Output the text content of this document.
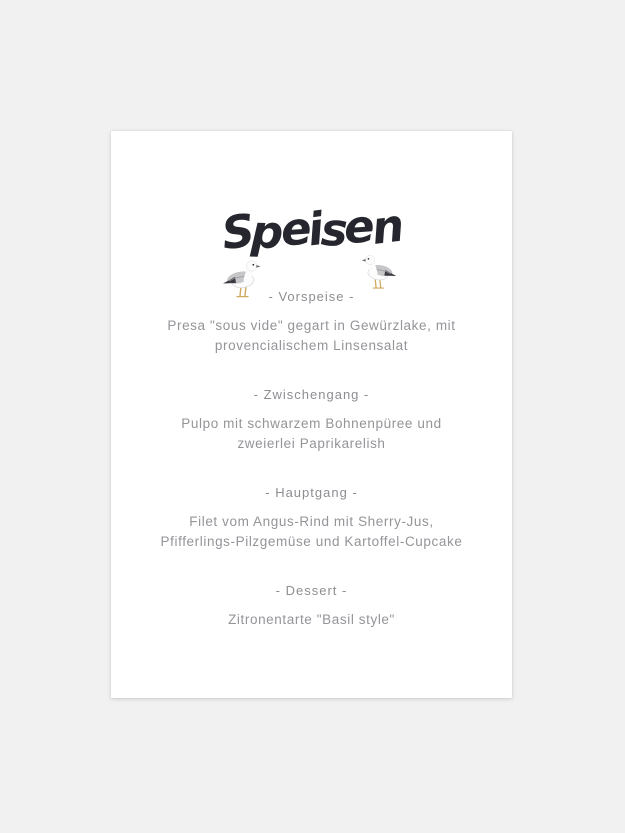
Speisen
- Vorspeise -
Presa "sous vide" gegart in Gewürzlake, mit
provencialischem Linsensalat
- Zwischengang -
Pulpo mit schwarzem Bohnenpüree und
zweierlei Paprikarelish
- Hauptgang -
Filet vom Angus-Rind mit Sherry-Jus,
Pfifferlings-Pilzgemüse und Kartoffel-Cupcake
- Dessert -
Zitronentarte "Basil style"
